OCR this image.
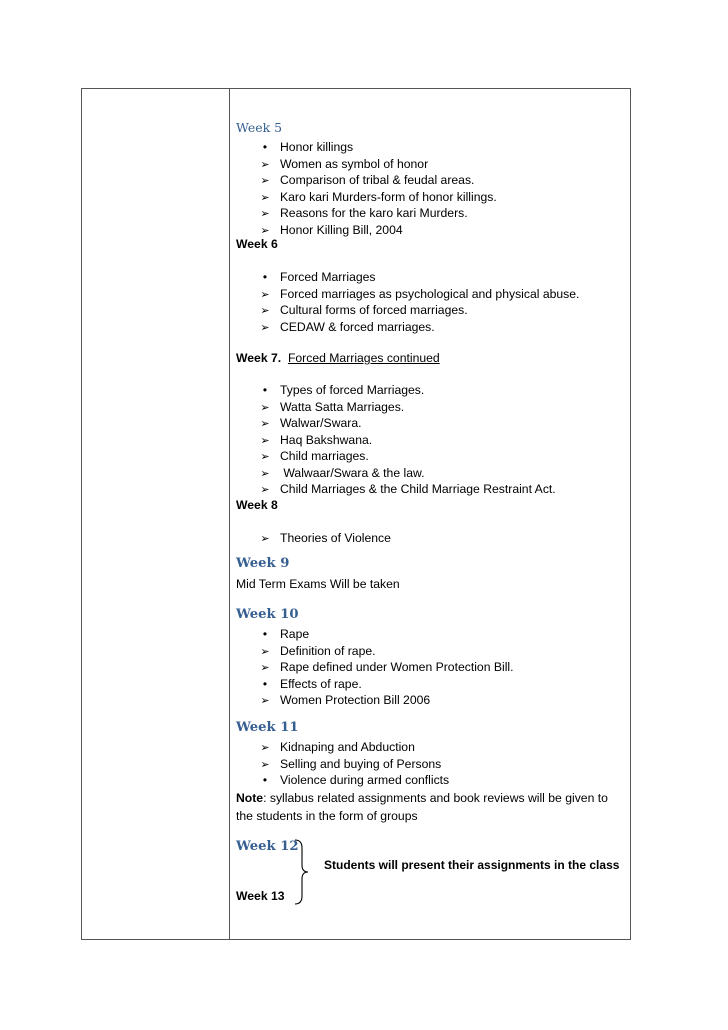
Week 5
•
Honor killings
➢
Women as symbol of honor
➢
Comparison of tribal & feudal areas.
➢
Karo kari Murders-form of honor killings.
➢
Reasons for the karo kari Murders.
➢
Honor Killing Bill, 2004
Week 6
•
Forced Marriages
➢
Forced marriages as psychological and physical abuse.
➢
Cultural forms of forced marriages.
➢
CEDAW & forced marriages.
Week 7. Forced Marriages continued
•
Types of forced Marriages.
➢
Watta Satta Marriages.
➢
Walwar/Swara.
➢
Haq Bakshwana.
➢
Child marriages.
➢
Walwaar/Swara & the law.
➢
Child Marriages & the Child Marriage Restraint Act.
Week 8
➢
Theories of Violence
Week 9
Mid Term Exams Will be taken
Week 10
•
Rape
➢
Definition of rape.
➢
Rape defined under Women Protection Bill.
•
Effects of rape.
➢
Women Protection Bill 2006
Week 11
➢
Kidnaping and Abduction
➢
Selling and buying of Persons
•
Violence during armed conflicts
Note: syllabus related assignments and book reviews will be given to
the students in the form of groups
Week 12
Week 13
Students will present their assignments in the class
